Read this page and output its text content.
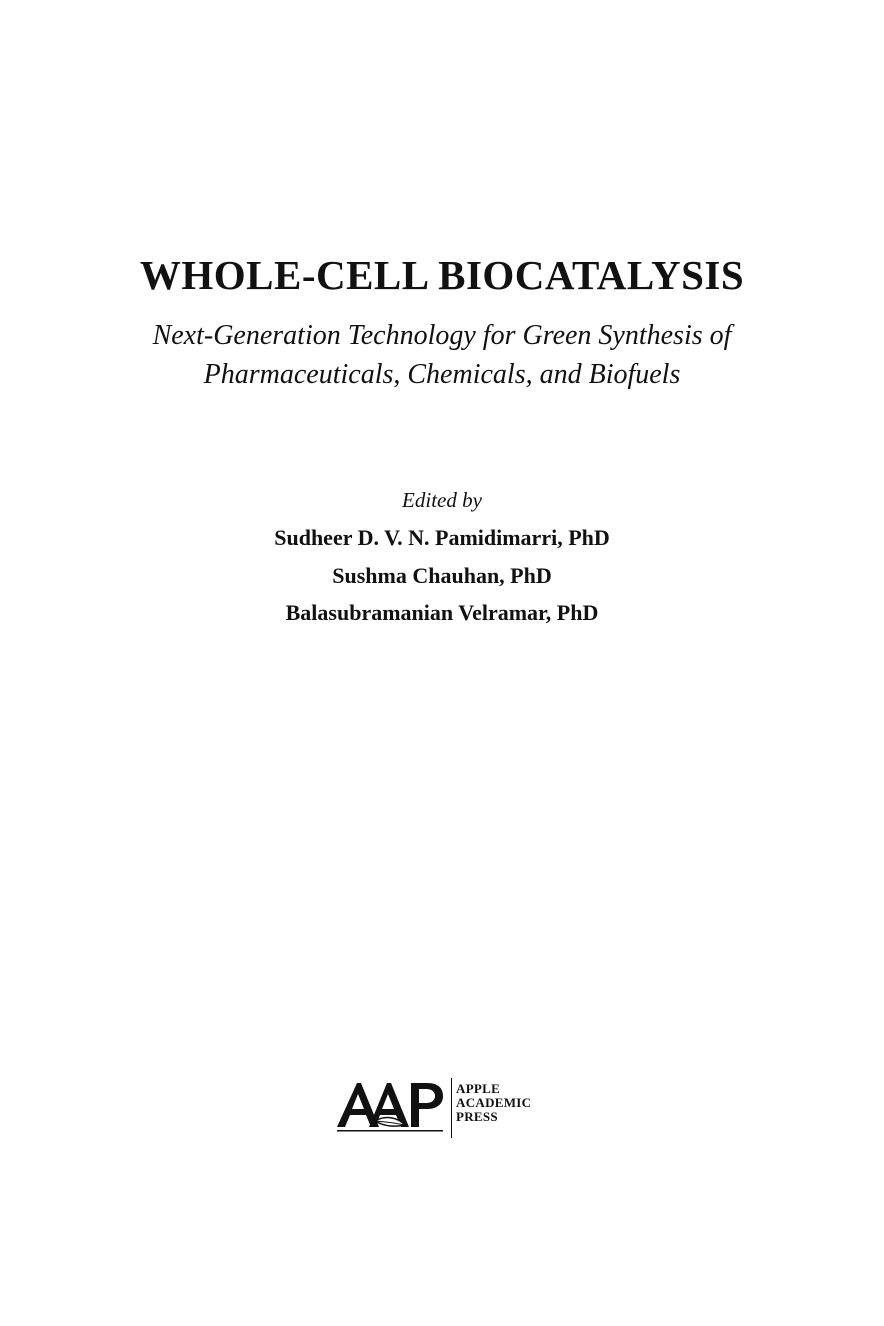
WHOLE-CELL BIOCATALYSIS
Next-Generation Technology for Green Synthesis of
Pharmaceuticals, Chemicals, and Biofuels
Edited by
Sudheer D. V. N. Pamidimarri, PhD
Sushma Chauhan, PhD
Balasubramanian Velramar, PhD
APPLE
ACADEMIC
PRESS
